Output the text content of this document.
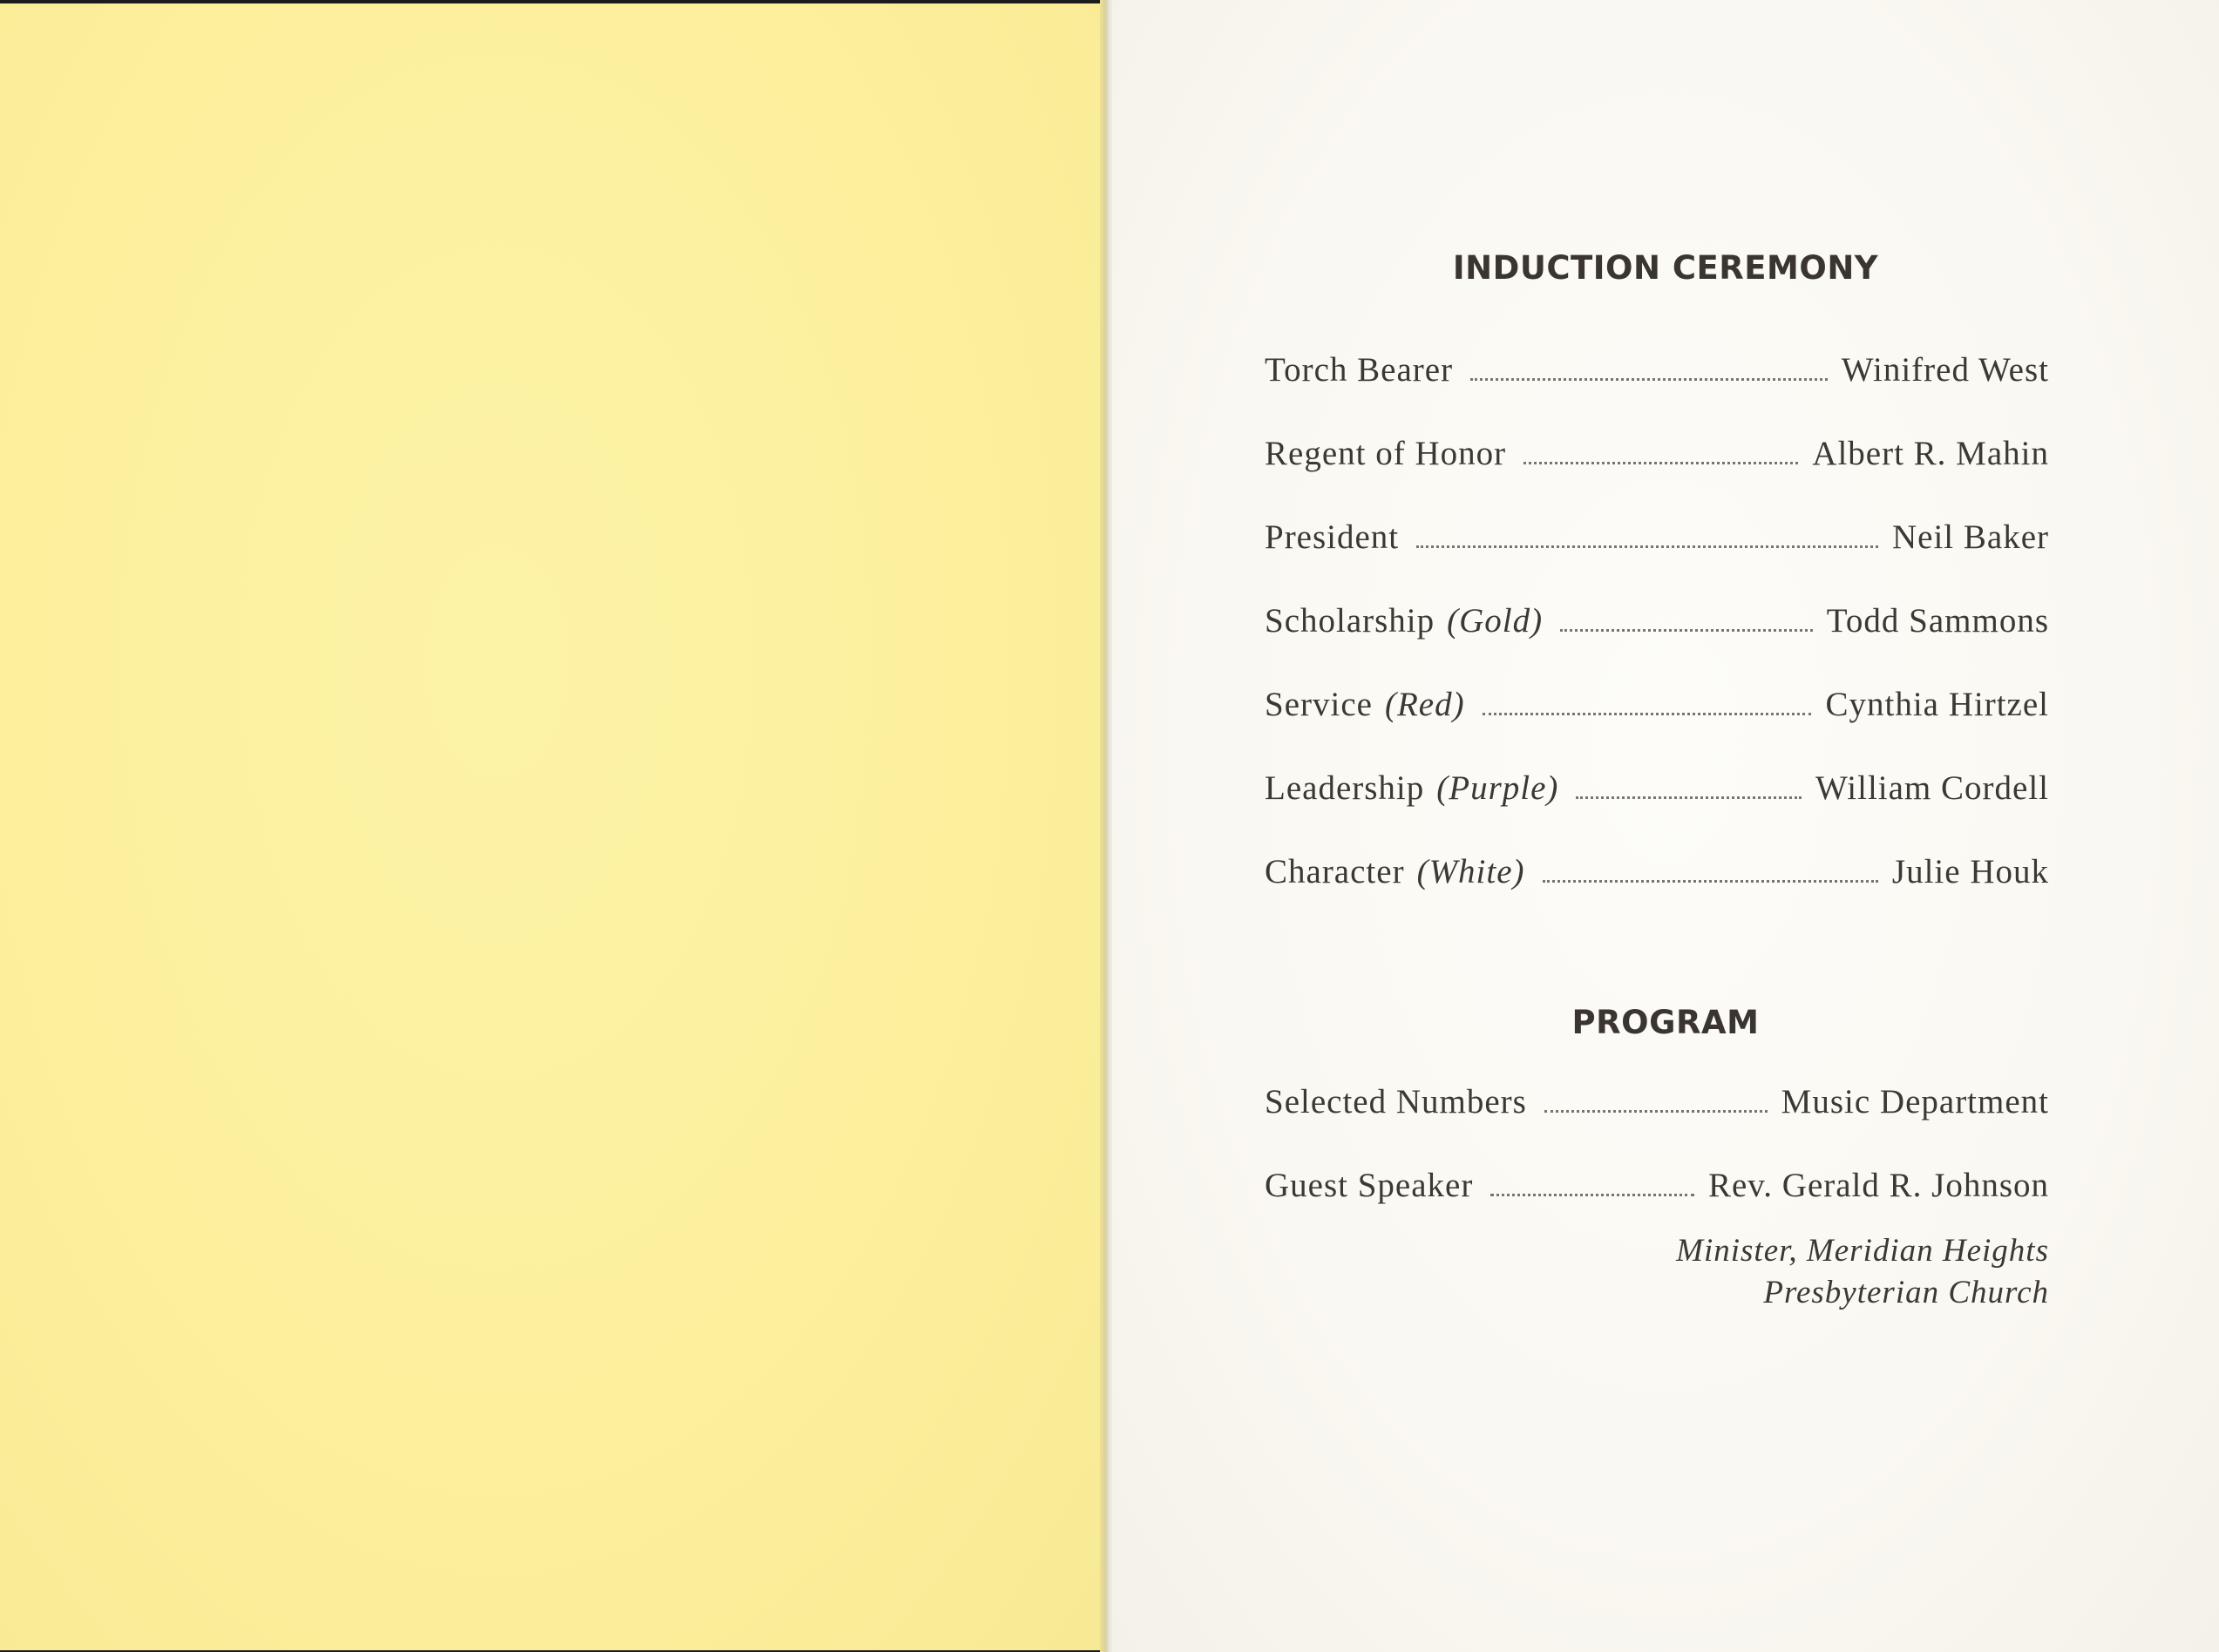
INDUCTION CEREMONY
Torch Bearer	Winifred West
Regent of Honor	Albert R. Mahin
President	Neil Baker
Scholarship (Gold)	Todd Sammons
Service (Red)	Cynthia Hirtzel
Leadership (Purple)	William Cordell
Character (White)	Julie Houk
PROGRAM
Selected Numbers	Music Department
Guest Speaker	Rev. Gerald R. Johnson
Minister, Meridian Heights
Presbyterian Church
